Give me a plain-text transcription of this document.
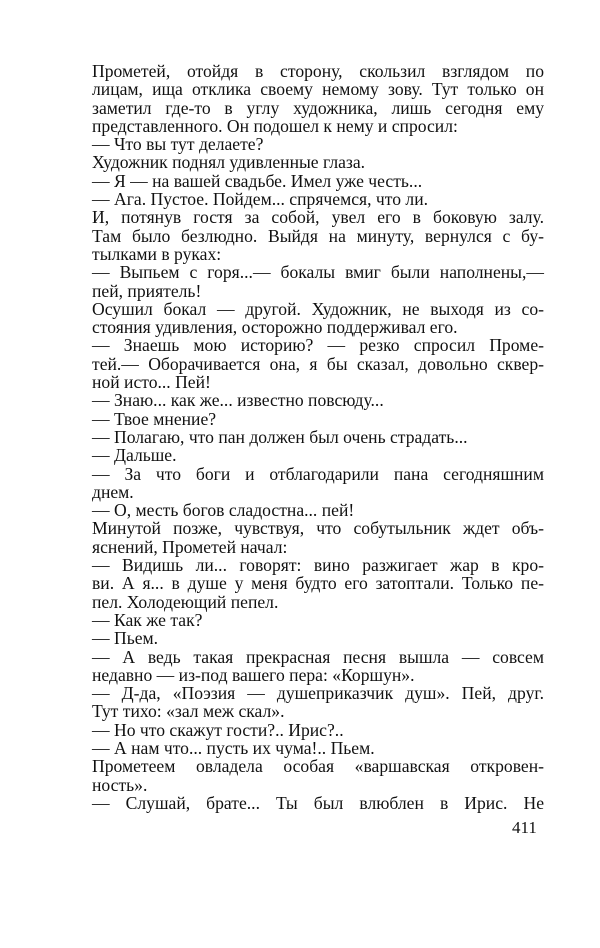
Прометей, отойдя в сторону, скользил взглядом по
лицам, ища отклика своему немому зову. Тут только он
заметил где-то в углу художника, лишь сегодня ему
представленного. Он подошел к нему и спросил:
— Что вы тут делаете?
Художник поднял удивленные глаза.
— Я — на вашей свадьбе. Имел уже честь...
— Ага. Пустое. Пойдем... спрячемся, что ли.
И, потянув гостя за собой, увел его в боковую залу.
Там было безлюдно. Выйдя на минуту, вернулся с бу-
тылками в руках:
— Выпьем с горя...— бокалы вмиг были наполнены,—
пей, приятель!
Осушил бокал — другой. Художник, не выходя из со-
стояния удивления, осторожно поддерживал его.
— Знаешь мою историю? — резко спросил Проме-
тей.— Оборачивается она, я бы сказал, довольно сквер-
ной исто... Пей!
— Знаю... как же... известно повсюду...
— Твое мнение?
— Полагаю, что пан должен был очень страдать...
— Дальше.
— За что боги и отблагодарили пана сегодняшним
днем.
— О, месть богов сладостна... пей!
Минутой позже, чувствуя, что собутыльник ждет объ-
яснений, Прометей начал:
— Видишь ли... говорят: вино разжигает жар в кро-
ви. А я... в душе у меня будто его затоптали. Только пе-
пел. Холодеющий пепел.
— Как же так?
— Пьем.
— А ведь такая прекрасная песня вышла — совсем
недавно — из-под вашего пера: «Коршун».
— Д-да, «Поэзия — душеприказчик душ». Пей, друг.
Тут тихо: «зал меж скал».
— Но что скажут гости?.. Ирис?..
— А нам что... пусть их чума!.. Пьем.
Прометеем овладела особая «варшавская откровен-
ность».
— Слушай, брате... Ты был влюблен в Ирис. Не
411
